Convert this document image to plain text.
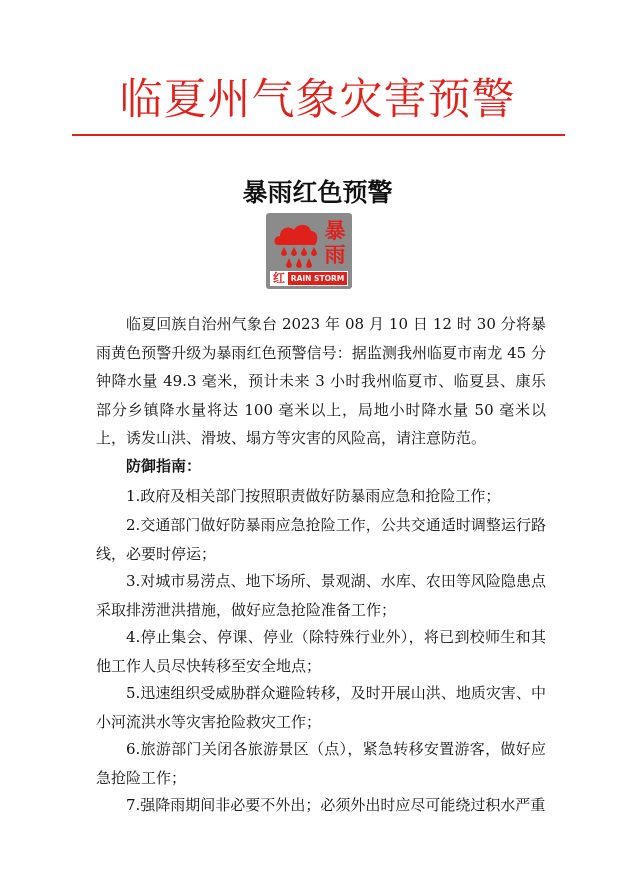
临夏州气象灾害预警
暴雨红色预警
暴
雨
红 RAIN STORM

临夏回族自治州气象台 2023 年 08 月 10 日 12 时 30 分将暴雨黄色预警升级为暴雨红色预警信号：据监测我州临夏市南龙 45 分钟降水量 49.3 毫米，预计未来 3 小时我州临夏市、临夏县、康乐部分乡镇降水量将达 100 毫米以上，局地小时降水量 50 毫米以上，诱发山洪、滑坡、塌方等灾害的风险高，请注意防范。

防御指南：

1.政府及相关部门按照职责做好防暴雨应急和抢险工作；

2.交通部门做好防暴雨应急抢险工作，公共交通适时调整运行路线，必要时停运；

3.对城市易涝点、地下场所、景观湖、水库、农田等风险隐患点采取排涝泄洪措施，做好应急抢险准备工作；

4.停止集会、停课、停业（除特殊行业外），将已到校师生和其他工作人员尽快转移至安全地点；

5.迅速组织受威胁群众避险转移，及时开展山洪、地质灾害、中小河流洪水等灾害抢险救灾工作；

6.旅游部门关闭各旅游景区（点），紧急转移安置游客，做好应急抢险工作；

7.强降雨期间非必要不外出；必须外出时应尽可能绕过积水严重
